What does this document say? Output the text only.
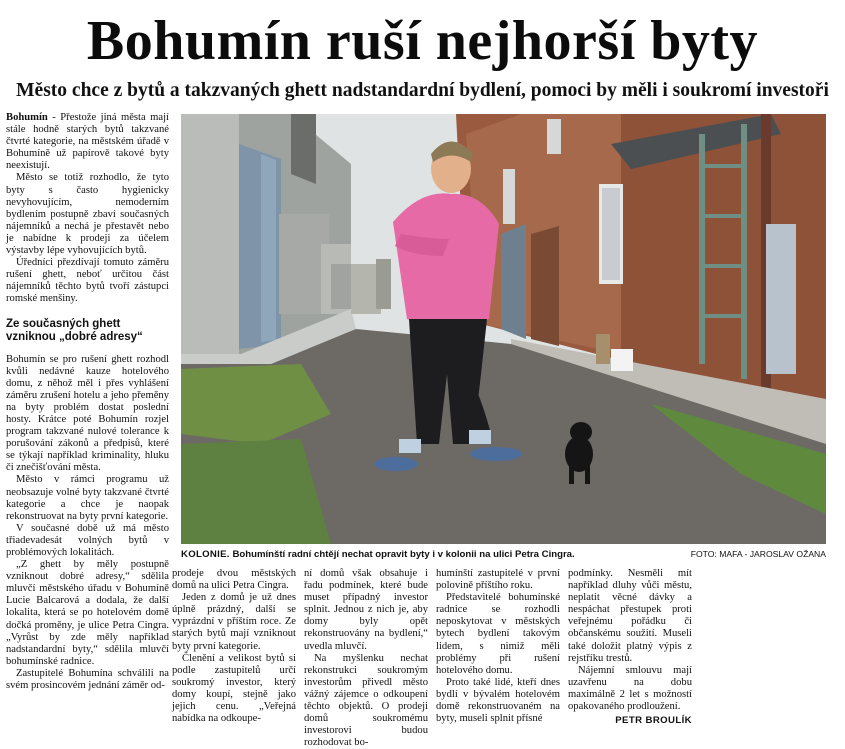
Bohumín ruší nejhorší byty
Město chce z bytů a takzvaných ghett nadstandardní bydlení, pomoci by měli i soukromí investoři

Bohumín - Přestože jiná města mají stále hodně starých bytů takzvané čtvrté kategorie, na městském úřadě v Bohumíně už papírově takové byty neexistují.

Město se totiž rozhodlo, že tyto byty s často hygienicky nevyhovujícím, nemoderním bydlením postupně zbaví současných nájemníků a nechá je přestavět nebo je nabídne k prodeji za účelem výstavby lépe vyhovujících bytů.

Úředníci přezdívají tomuto záměru rušení ghett, neboť určitou část nájemníků těchto bytů tvoří zástupci romské menšiny.

Ze současných ghett vzniknou „dobré adresy“

Bohumín se pro rušení ghett rozhodl kvůli nedávné kauze hotelového domu, z něhož měl i přes vyhlášení záměru zrušení hotelu a jeho přeměny na byty problém dostat poslední hosty. Krátce poté Bohumín rozjel program takzvané nulové tolerance k porušování zákonů a předpisů, které se týkají například kriminality, hluku či znečišťování města.

Město v rámci programu už neobsazuje volné byty takzvané čtvrté kategorie a chce je naopak rekonstruovat na byty první kategorie.

V současné době už má město třiadevadesát volných bytů v problémových lokalitách.

„Z ghett by měly postupně vzniknout dobré adresy,“ sdělila mluvčí městského úřadu v Bohumíně Lucie Balcarová a dodala, že další lokalita, která se po hotelovém domě dočká proměny, je ulice Petra Cingra. „Vyrůst by zde měly například nadstandardní byty,“ sdělila mluvčí bohumínské radnice.

Zastupitelé Bohumína schválili na svém prosincovém jednání záměr od-

KOLONIE. Bohumínští radní chtějí nechat opravit byty i v kolonii na ulici Petra Cingra.	FOTO: MAFA - JAROSLAV OŽANA

prodeje dvou městských domů na ulici Petra Cingra.

Jeden z domů je už dnes úplně prázdný, další se vyprázdní v příštím roce. Ze starých bytů mají vzniknout byty první kategorie.

Členění a velikost bytů si podle zastupitelů určí soukromý investor, který domy koupí, stejně jako jejich cenu. „Veřejná nabídka na odkoupe-

ní domů však obsahuje i řadu podmínek, které bude muset případný investor splnit. Jednou z nich je, aby domy byly opět rekonstruovány na bydlení,“ uvedla mluvčí.

Na myšlenku nechat rekonstrukci soukromým investorům přivedl město vážný zájemce o odkoupení těchto objektů. O prodeji domů soukromému investorovi budou rozhodovat bo-

humínští zastupitelé v první polovině příštího roku.

Představitelé bohumínské radnice se rozhodli neposkytovat v městských bytech bydlení takovým lidem, s nimiž měli problémy při rušení hotelového domu.

Proto také lidé, kteří dnes bydlí v bývalém hotelovém domě rekonstruovaném na byty, museli splnit přísné

podmínky. Nesměli mít například dluhy vůči městu, neplatit věcné dávky a nespáchat přestupek proti veřejnému pořádku či občanskému soužití. Museli také doložit platný výpis z rejstříku trestů.

Nájemní smlouvu mají uzavřenu na dobu maximálně 2 let s možností opakovaného prodloužení.

PETR BROULÍK
